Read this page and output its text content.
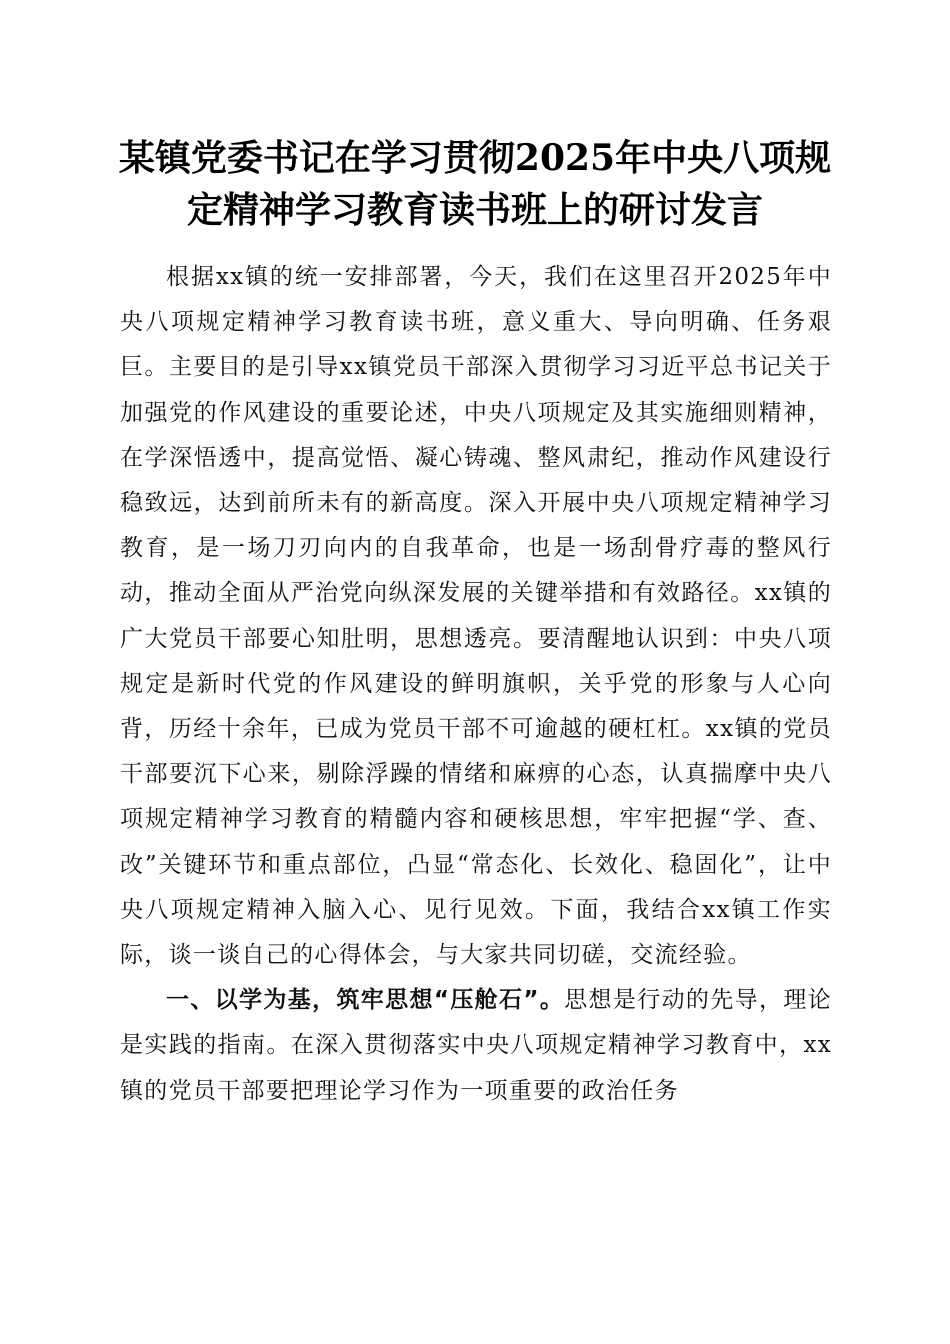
某镇党委书记在学习贯彻2025年中央八项规
定精神学习教育读书班上的研讨发言

根据xx镇的统一安排部署，今天，我们在这里召开2025年中央八项规定精神学习教育读书班，意义重大、导向明确、任务艰巨。主要目的是引导xx镇党员干部深入贯彻学习习近平总书记关于加强党的作风建设的重要论述，中央八项规定及其实施细则精神，在学深悟透中，提高觉悟、凝心铸魂、整风肃纪，推动作风建设行稳致远，达到前所未有的新高度。深入开展中央八项规定精神学习教育，是一场刀刃向内的自我革命，也是一场刮骨疗毒的整风行动，推动全面从严治党向纵深发展的关键举措和有效路径。xx镇的广大党员干部要心知肚明，思想透亮。要清醒地认识到：中央八项规定是新时代党的作风建设的鲜明旗帜，关乎党的形象与人心向背，历经十余年，已成为党员干部不可逾越的硬杠杠。xx镇的党员干部要沉下心来，剔除浮躁的情绪和麻痹的心态，认真揣摩中央八项规定精神学习教育的精髓内容和硬核思想，牢牢把握“学、查、改”关键环节和重点部位，凸显“常态化、长效化、稳固化”，让中央八项规定精神入脑入心、见行见效。下面，我结合xx镇工作实际，谈一谈自己的心得体会，与大家共同切磋，交流经验。

一、以学为基，筑牢思想“压舱石”。思想是行动的先导，理论是实践的指南。在深入贯彻落实中央八项规定精神学习教育中，xx镇的党员干部要把理论学习作为一项重要的政治任务
